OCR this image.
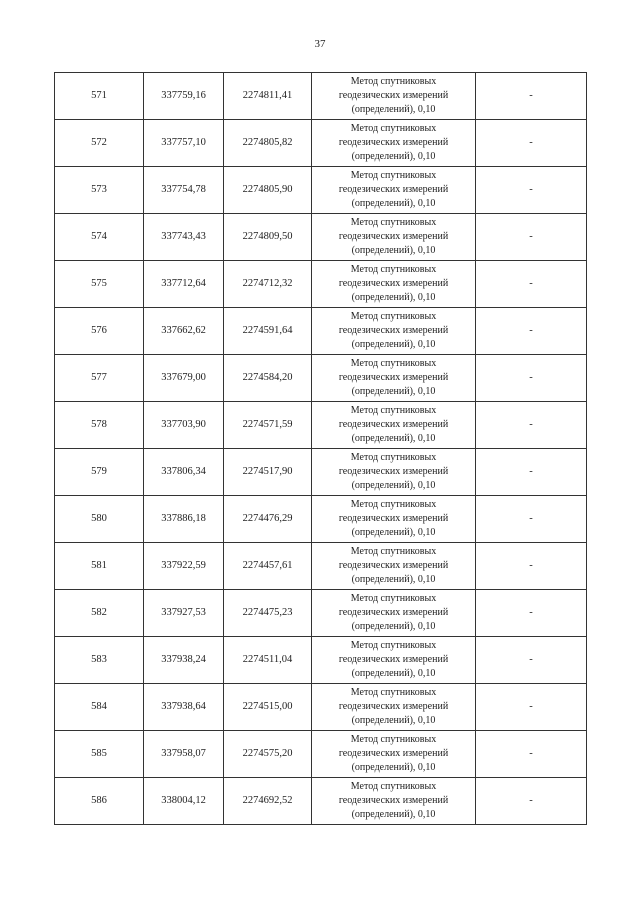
37
571	337759,16	2274811,41	Метод спутниковых
геодезических измерений
(определений), 0,10	-
572	337757,10	2274805,82	Метод спутниковых
геодезических измерений
(определений), 0,10	-
573	337754,78	2274805,90	Метод спутниковых
геодезических измерений
(определений), 0,10	-
574	337743,43	2274809,50	Метод спутниковых
геодезических измерений
(определений), 0,10	-
575	337712,64	2274712,32	Метод спутниковых
геодезических измерений
(определений), 0,10	-
576	337662,62	2274591,64	Метод спутниковых
геодезических измерений
(определений), 0,10	-
577	337679,00	2274584,20	Метод спутниковых
геодезических измерений
(определений), 0,10	-
578	337703,90	2274571,59	Метод спутниковых
геодезических измерений
(определений), 0,10	-
579	337806,34	2274517,90	Метод спутниковых
геодезических измерений
(определений), 0,10	-
580	337886,18	2274476,29	Метод спутниковых
геодезических измерений
(определений), 0,10	-
581	337922,59	2274457,61	Метод спутниковых
геодезических измерений
(определений), 0,10	-
582	337927,53	2274475,23	Метод спутниковых
геодезических измерений
(определений), 0,10	-
583	337938,24	2274511,04	Метод спутниковых
геодезических измерений
(определений), 0,10	-
584	337938,64	2274515,00	Метод спутниковых
геодезических измерений
(определений), 0,10	-
585	337958,07	2274575,20	Метод спутниковых
геодезических измерений
(определений), 0,10	-
586	338004,12	2274692,52	Метод спутниковых
геодезических измерений
(определений), 0,10	-
